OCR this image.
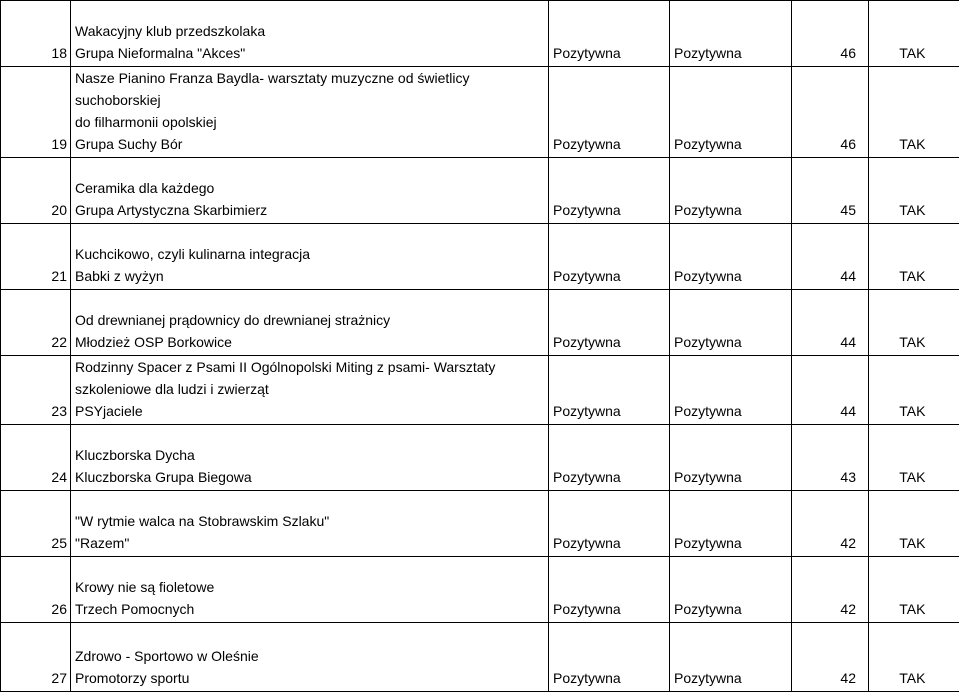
18	Wakacyjny klub przedszkolaka
Grupa Nieformalna "Akces"	Pozytywna	Pozytywna	46	TAK
19	Nasze Pianino Franza Baydla- warsztaty muzyczne od świetlicy suchoborskiej
do filharmonii opolskiej
Grupa Suchy Bór	Pozytywna	Pozytywna	46	TAK
20	Ceramika dla każdego
Grupa Artystyczna Skarbimierz	Pozytywna	Pozytywna	45	TAK
21	Kuchcikowo, czyli kulinarna integracja
Babki z wyżyn	Pozytywna	Pozytywna	44	TAK
22	Od drewnianej prądownicy do drewnianej strażnicy
Młodzież OSP Borkowice	Pozytywna	Pozytywna	44	TAK
23	Rodzinny Spacer z Psami II Ogólnopolski Miting z psami- Warsztaty
szkoleniowe dla ludzi i zwierząt
PSYjaciele	Pozytywna	Pozytywna	44	TAK
24	Kluczborska Dycha
Kluczborska Grupa Biegowa	Pozytywna	Pozytywna	43	TAK
25	"W rytmie walca na Stobrawskim Szlaku"
"Razem"	Pozytywna	Pozytywna	42	TAK
26	Krowy nie są fioletowe
Trzech Pomocnych	Pozytywna	Pozytywna	42	TAK
27	Zdrowo - Sportowo w Oleśnie
Promotorzy sportu	Pozytywna	Pozytywna	42	TAK
